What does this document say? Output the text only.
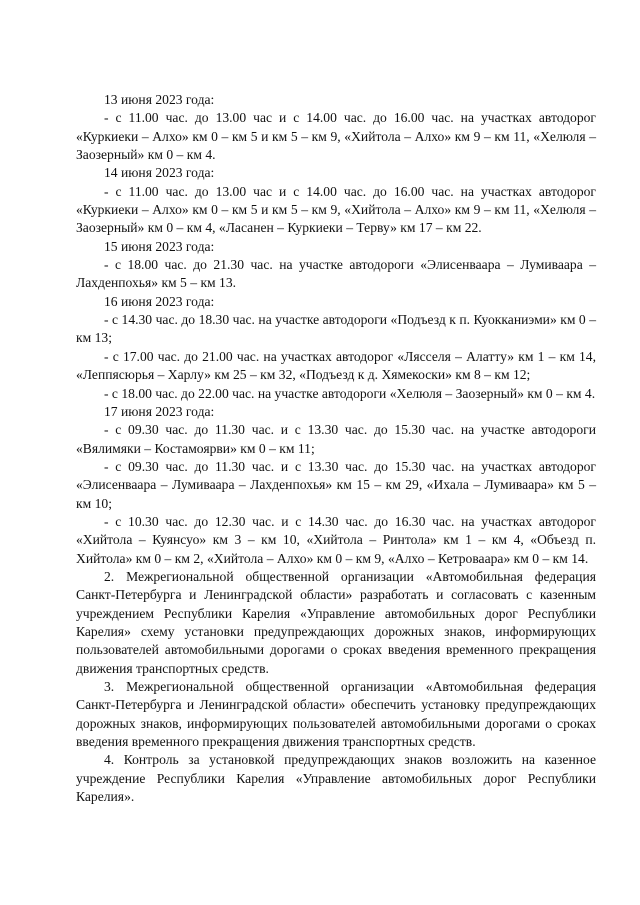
13 июня 2023 года:

- с 11.00 час. до 13.00 час и с 14.00 час. до 16.00 час. на участках автодорог «Куркиеки – Алхо» км 0 – км 5 и км 5 – км 9, «Хийтола – Алхо» км 9 – км 11, «Хелюля – Заозерный» км 0 – км 4.

14 июня 2023 года:

- с 11.00 час. до 13.00 час и с 14.00 час. до 16.00 час. на участках автодорог «Куркиеки – Алхо» км 0 – км 5 и км 5 – км 9, «Хийтола – Алхо» км 9 – км 11, «Хелюля – Заозерный» км 0 – км 4, «Ласанен – Куркиеки – Терву» км 17 – км 22.

15 июня 2023 года:

- с 18.00 час. до 21.30 час. на участке автодороги «Элисенваара – Лумиваара – Лахденпохья» км 5 – км 13.

16 июня 2023 года:

- с 14.30 час. до 18.30 час. на участке автодороги «Подъезд к п. Куокканиэми» км 0 – км 13;

- с 17.00 час. до 21.00 час. на участках автодорог «Лясселя – Алатту» км 1 – км 14, «Леппясюрья – Харлу» км 25 – км 32, «Подъезд к д. Хямекоски» км 8 – км 12;

- с 18.00 час. до 22.00 час. на участке автодороги «Хелюля – Заозерный» км 0 – км 4.

17 июня 2023 года:

- с 09.30 час. до 11.30 час. и с 13.30 час. до 15.30 час. на участке автодороги «Вялимяки – Костамоярви» км 0 – км 11;

- с 09.30 час. до 11.30 час. и с 13.30 час. до 15.30 час. на участках автодорог «Элисенваара – Лумиваара – Лахденпохья» км 15 – км 29, «Ихала – Лумиваара» км 5 – км 10;

- с 10.30 час. до 12.30 час. и с 14.30 час. до 16.30 час. на участках автодорог «Хийтола – Куянсуо» км 3 – км 10, «Хийтола – Ринтола» км 1 – км 4, «Объезд п. Хийтола» км 0 – км 2, «Хийтола – Алхо» км 0 – км 9, «Алхо – Кетроваара» км 0 – км 14.

2. Межрегиональной общественной организации «Автомобильная федерация Санкт-Петербурга и Ленинградской области» разработать и согласовать с казенным учреждением Республики Карелия «Управление автомобильных дорог Республики Карелия» схему установки предупреждающих дорожных знаков, информирующих пользователей автомобильными дорогами о сроках введения временного прекращения движения транспортных средств.

3. Межрегиональной общественной организации «Автомобильная федерация Санкт-Петербурга и Ленинградской области» обеспечить установку предупреждающих дорожных знаков, информирующих пользователей автомобильными дорогами о сроках введения временного прекращения движения транспортных средств.

4. Контроль за установкой предупреждающих знаков возложить на казенное учреждение Республики Карелия «Управление автомобильных дорог Республики Карелия».
